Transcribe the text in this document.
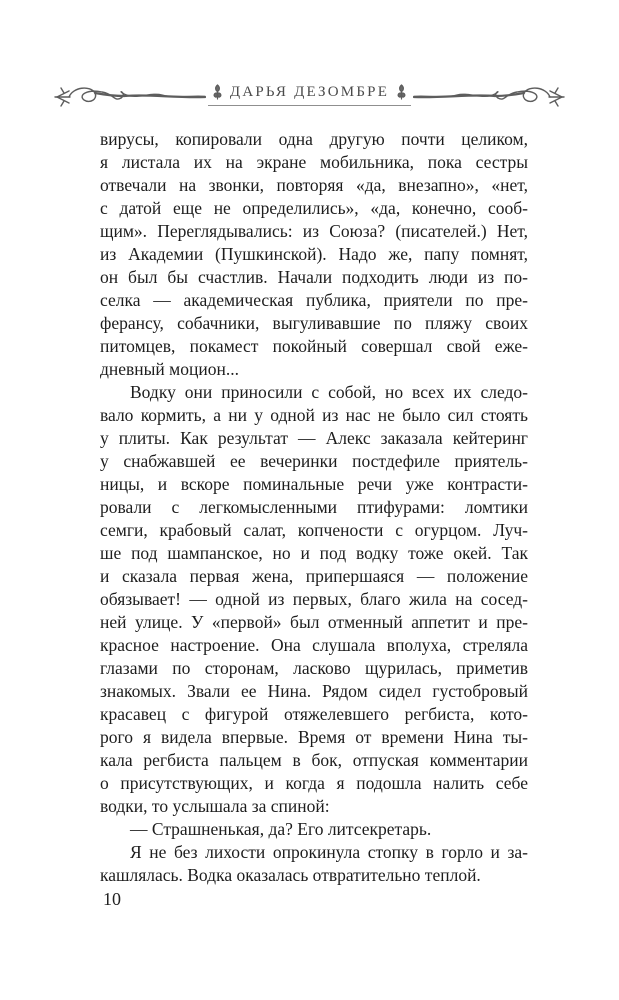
ДАРЬЯ ДЕЗОМБРЕ

вирусы, копировали одна другую почти целиком,
я листала их на экране мобильника, пока сестры
отвечали на звонки, повторяя «да, внезапно», «нет,
с датой еще не определились», «да, конечно, сооб-
щим». Переглядывались: из Союза? (писателей.) Нет,
из Академии (Пушкинской). Надо же, папу помнят,
он был бы счастлив. Начали подходить люди из по-
селка — академическая публика, приятели по пре-
ферансу, собачники, выгуливавшие по пляжу своих
питомцев, покамест покойный совершал свой еже-
дневный моцион...

Водку они приносили с собой, но всех их следо-
вало кормить, а ни у одной из нас не было сил стоять
у плиты. Как результат — Алекс заказала кейтеринг
у снабжавшей ее вечеринки постдефиле приятель-
ницы, и вскоре поминальные речи уже контрасти-
ровали с легкомысленными птифурами: ломтики
семги, крабовый салат, копчености с огурцом. Луч-
ше под шампанское, но и под водку тоже окей. Так
и сказала первая жена, припершаяся — положение
обязывает! — одной из первых, благо жила на сосед-
ней улице. У «первой» был отменный аппетит и пре-
красное настроение. Она слушала вполуха, стреляла
глазами по сторонам, ласково щурилась, приметив
знакомых. Звали ее Нина. Рядом сидел густобровый
красавец с фигурой отяжелевшего регбиста, кото-
рого я видела впервые. Время от времени Нина ты-
кала регбиста пальцем в бок, отпуская комментарии
о присутствующих, и когда я подошла налить себе
водки, то услышала за спиной:

— Страшненькая, да? Его литсекретарь.

Я не без лихости опрокинула стопку в горло и за-
кашлялась. Водка оказалась отвратительно теплой.

10
